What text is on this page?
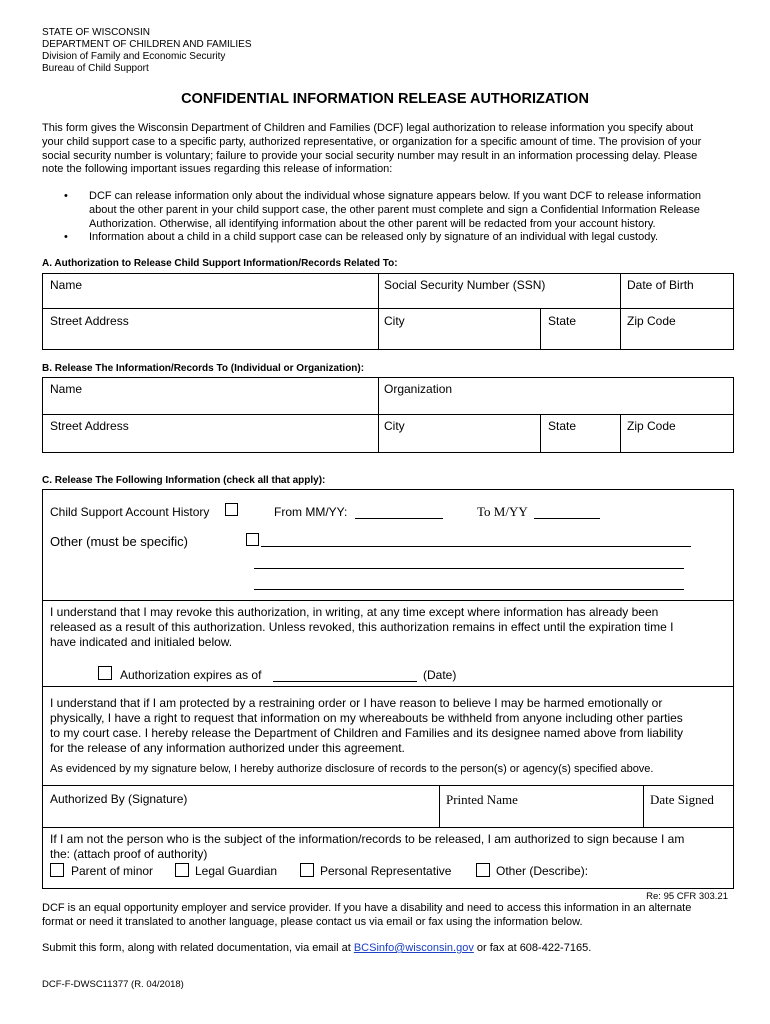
STATE OF WISCONSIN
DEPARTMENT OF CHILDREN AND FAMILIES
Division of Family and Economic Security
Bureau of Child Support
CONFIDENTIAL INFORMATION RELEASE AUTHORIZATION
This form gives the Wisconsin Department of Children and Families (DCF) legal authorization to release information you specify about
your child support case to a specific party, authorized representative, or organization for a specific amount of time. The provision of your
social security number is voluntary; failure to provide your social security number may result in an information processing delay. Please
note the following important issues regarding this release of information:
• DCF can release information only about the individual whose signature appears below. If you want DCF to release information
about the other parent in your child support case, the other parent must complete and sign a Confidential Information Release
Authorization. Otherwise, all identifying information about the other parent will be redacted from your account history.
• Information about a child in a child support case can be released only by signature of an individual with legal custody.
A. Authorization to Release Child Support Information/Records Related To:
Name	Social Security Number (SSN)	Date of Birth
Street Address	City	State	Zip Code
B. Release The Information/Records To (Individual or Organization):
Name	Organization
Street Address	City	State	Zip Code
C. Release The Following Information (check all that apply):
Child Support Account History	From MM/YY:	To M/YY
Other (must be specific)
I understand that I may revoke this authorization, in writing, at any time except where information has already been
released as a result of this authorization. Unless revoked, this authorization remains in effect until the expiration time I
have indicated and initialed below.
Authorization expires as of	(Date)
I understand that if I am protected by a restraining order or I have reason to believe I may be harmed emotionally or
physically, I have a right to request that information on my whereabouts be withheld from anyone including other parties
to my court case. I hereby release the Department of Children and Families and its designee named above from liability
for the release of any information authorized under this agreement.
As evidenced by my signature below, I hereby authorize disclosure of records to the person(s) or agency(s) specified above.
Authorized By (Signature)	Printed Name	Date Signed
If I am not the person who is the subject of the information/records to be released, I am authorized to sign because I am
the: (attach proof of authority)
Parent of minor	Legal Guardian	Personal Representative	Other (Describe):
Re: 95 CFR 303.21
DCF is an equal opportunity employer and service provider. If you have a disability and need to access this information in an alternate
format or need it translated to another language, please contact us via email or fax using the information below.
Submit this form, along with related documentation, via email at BCSinfo@wisconsin.gov or fax at 608-422-7165.
DCF-F-DWSC11377 (R. 04/2018)
